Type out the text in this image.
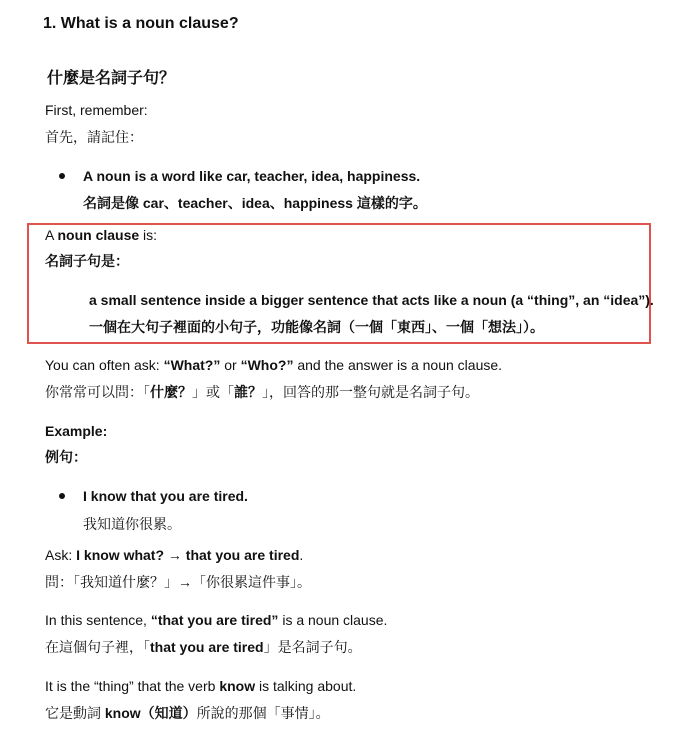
1. What is a noun clause?
什麼是名詞子句？
First, remember:
首先，請記住：
A noun is a word like car, teacher, idea, happiness.
名詞是像 car、teacher、idea、happiness 這樣的字。
A noun clause is:
名詞子句是：
a small sentence inside a bigger sentence that acts like a noun (a “thing”, an “idea”).
一個在大句子裡面的小句子，功能像名詞（一個「東西」、一個「想法」）。
You can often ask: “What?” or “Who?” and the answer is a noun clause.
你常常可以問：「什麼？」或「誰？」，回答的那一整句就是名詞子句。
Example:
例句：
I know that you are tired.
我知道你很累。
Ask: I know what? → that you are tired.
問：「我知道什麼？」→「你很累這件事」。
In this sentence, “that you are tired” is a noun clause.
在這個句子裡，「that you are tired」是名詞子句。
It is the “thing” that the verb know is talking about.
它是動詞 know（知道）所說的那個「事情」。
